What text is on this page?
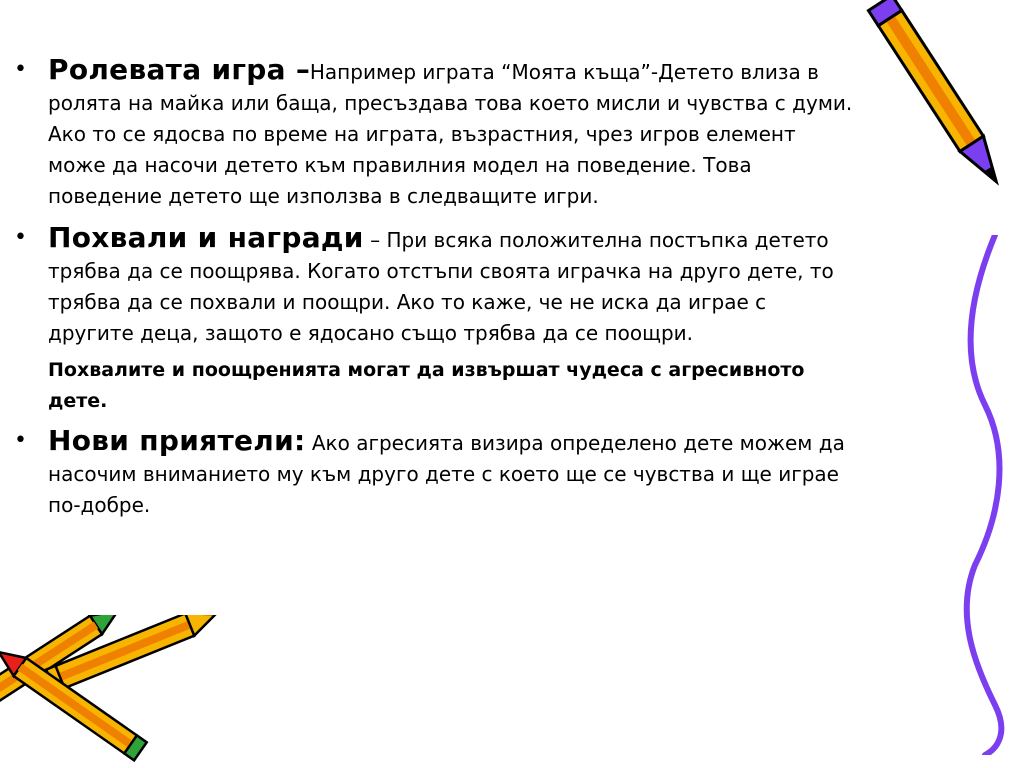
• Ролевата игра –Например играта “Моята къща”-Детето влиза в ролята на майка или баща, пресъздава това което мисли и чувства с думи. Ако то се ядосва по време на играта, възрастния, чрез игров елемент може да насочи детето към правилния модел на поведение. Това поведение детето ще използва в следващите игри.
• Похвали и награди – При всяка положителна постъпка детето трябва да се поощрява. Когато отстъпи своята играчка на друго дете, то трябва да се похвали и поощри. Ако то каже, че не иска да играе с другите деца, защото е ядосано също трябва да се поощри.
Похвалите и поощренията могат да извършат чудеса с агресивното дете.
• Нови приятели: Ако агресията визира определено дете можем да насочим вниманието му към друго дете с което ще се чувства и ще играе по-добре.
